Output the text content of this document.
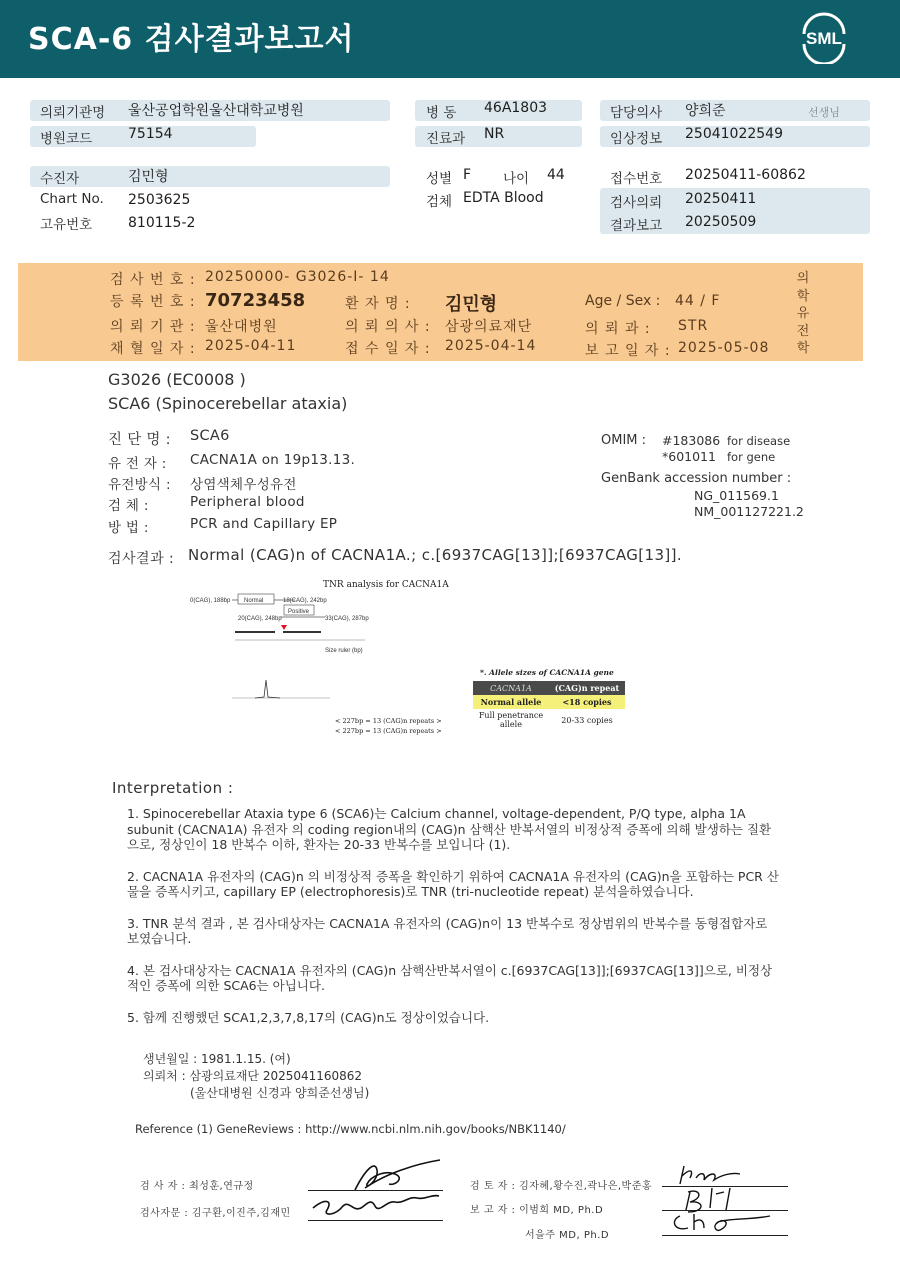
SCA-6 검사결과보고서	SML
의뢰기관명 울산공업학원울산대학교병원
병원코드	75154
수진자	김민형
Chart No. 2503625
고유번호	810115-2
병 동 46A1803
진료과 NR
성별 F 나이 44
검체 EDTA Blood
담당의사 양희준	선생님
임상정보 25041022549
접수번호 20250411-60862
검사의뢰 20250411
결과보고 20250509
검 사 번 호 : 20250000- G3026-I- 14
등 록 번 호 : 70723458
의 뢰 기 관 : 울산대병원
채 혈 일 자 : 2025-04-11
환 자 명 : 김민형
의 뢰 의 사 : 삼광의료재단
접 수 일 자 : 2025-04-14
Age / Sex : 44 / F
의 뢰 과 : STR
보 고 일 자 : 2025-05-08
의
학
유
전
학
G3026 (EC0008 )
SCA6 (Spinocerebellar ataxia)
진 단 명 : SCA6
유 전 자 : CACNA1A on 19p13.13.
유전방식 : 상염색체우성유전
검 체 :	Peripheral blood
방 법 :	PCR and Capillary EP
OMIM : #183086 for disease
*601011 for gene
GenBank accession number :
NG_011569.1
NM_001127221.2
검사결과 : Normal (CAG)n of CACNA1A.; c.[6937CAG[13]];[6937CAG[13]].
TNR analysis for CACNA1A
0(CAG), 188bp Normal	18(CAG), 242bp
20(CAG), 248bp
Positive
33(CAG), 287bp
Size ruler (bp)
< 227bp = 13 (CAG)n repeats >
< 227bp = 13 (CAG)n repeats >
*. Allele sizes of CACNA1A gene
CACNA1A	(CAG)n repeat
Normal allele	<18 copies
Full penetrance allele	20-33 copies
Interpretation :

1. Spinocerebellar Ataxia type 6 (SCA6)는 Calcium channel, voltage-dependent, P/Q type, alpha 1A subunit (CACNA1A) 유전자 의 coding region내의 (CAG)n 삼핵산 반복서열의 비정상적 증폭에 의해 발생하는 질환으로, 정상인이 18 반복수 이하, 환자는 20-33 반복수를 보입니다 (1).

2. CACNA1A 유전자의 (CAG)n 의 비정상적 증폭을 확인하기 위하여 CACNA1A 유전자의 (CAG)n을 포함하는 PCR 산물을 증폭시키고, capillary EP (electrophoresis)로 TNR (tri-nucleotide repeat) 분석을하였습니다.

3. TNR 분석 결과 , 본 검사대상자는 CACNA1A 유전자의 (CAG)n이 13 반복수로 정상범위의 반복수를 동형접합자로 보였습니다.

4. 본 검사대상자는 CACNA1A 유전자의 (CAG)n 삼핵산반복서열이 c.[6937CAG[13]];[6937CAG[13]]으로, 비정상적인 증폭에 의한 SCA6는 아닙니다.

5. 함께 진행했던 SCA1,2,3,7,8,17의 (CAG)n도 정상이었습니다.

생년월일 : 1981.1.15. (여)
의뢰처 : 삼광의료재단 2025041160862
(울산대병원 신경과 양희준선생님)
Reference (1) GeneReviews : http://www.ncbi.nlm.nih.gov/books/NBK1140/
검 사 자 : 최성훈,연규정
검사자문 : 김구환,이진주,김재민
검 토 자 : 김자혜,황수진,곽나은,박준홍
보 고 자 : 이범희 MD, Ph.D
서을주 MD, Ph.D
